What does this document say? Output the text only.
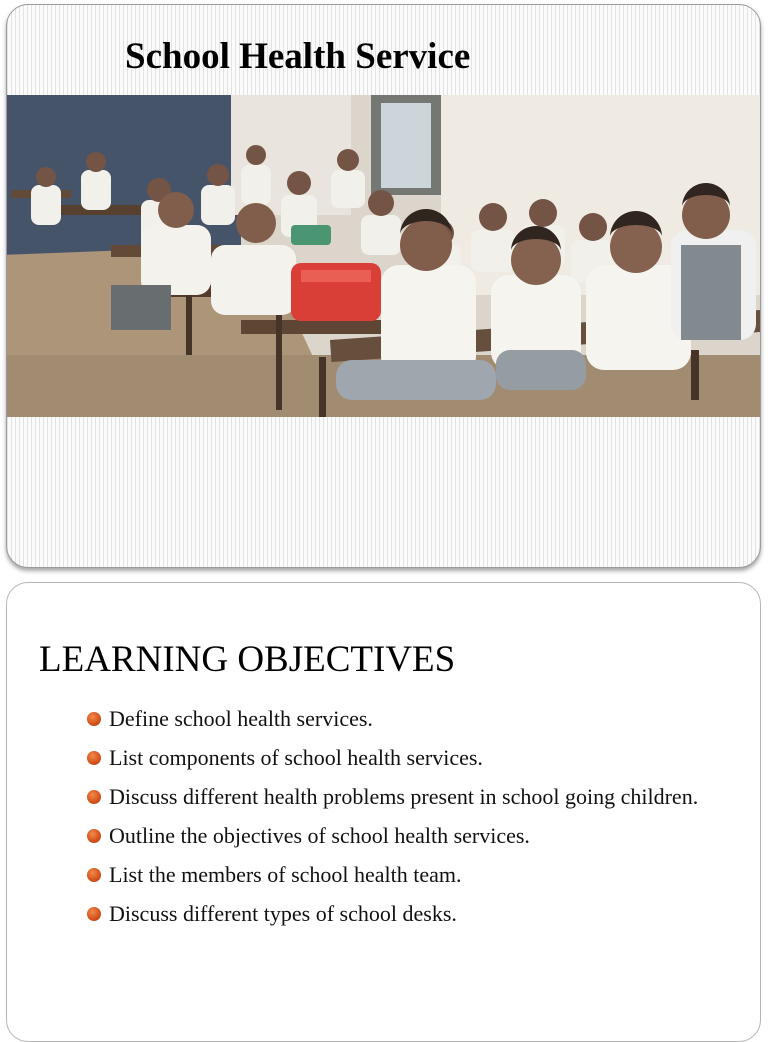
School Health Service
LEARNING OBJECTIVES
Define school health services.
List components of school health services.
Discuss different health problems present in school going children.
Outline the objectives of school health services.
List the members of school health team.
Discuss different types of school desks.
